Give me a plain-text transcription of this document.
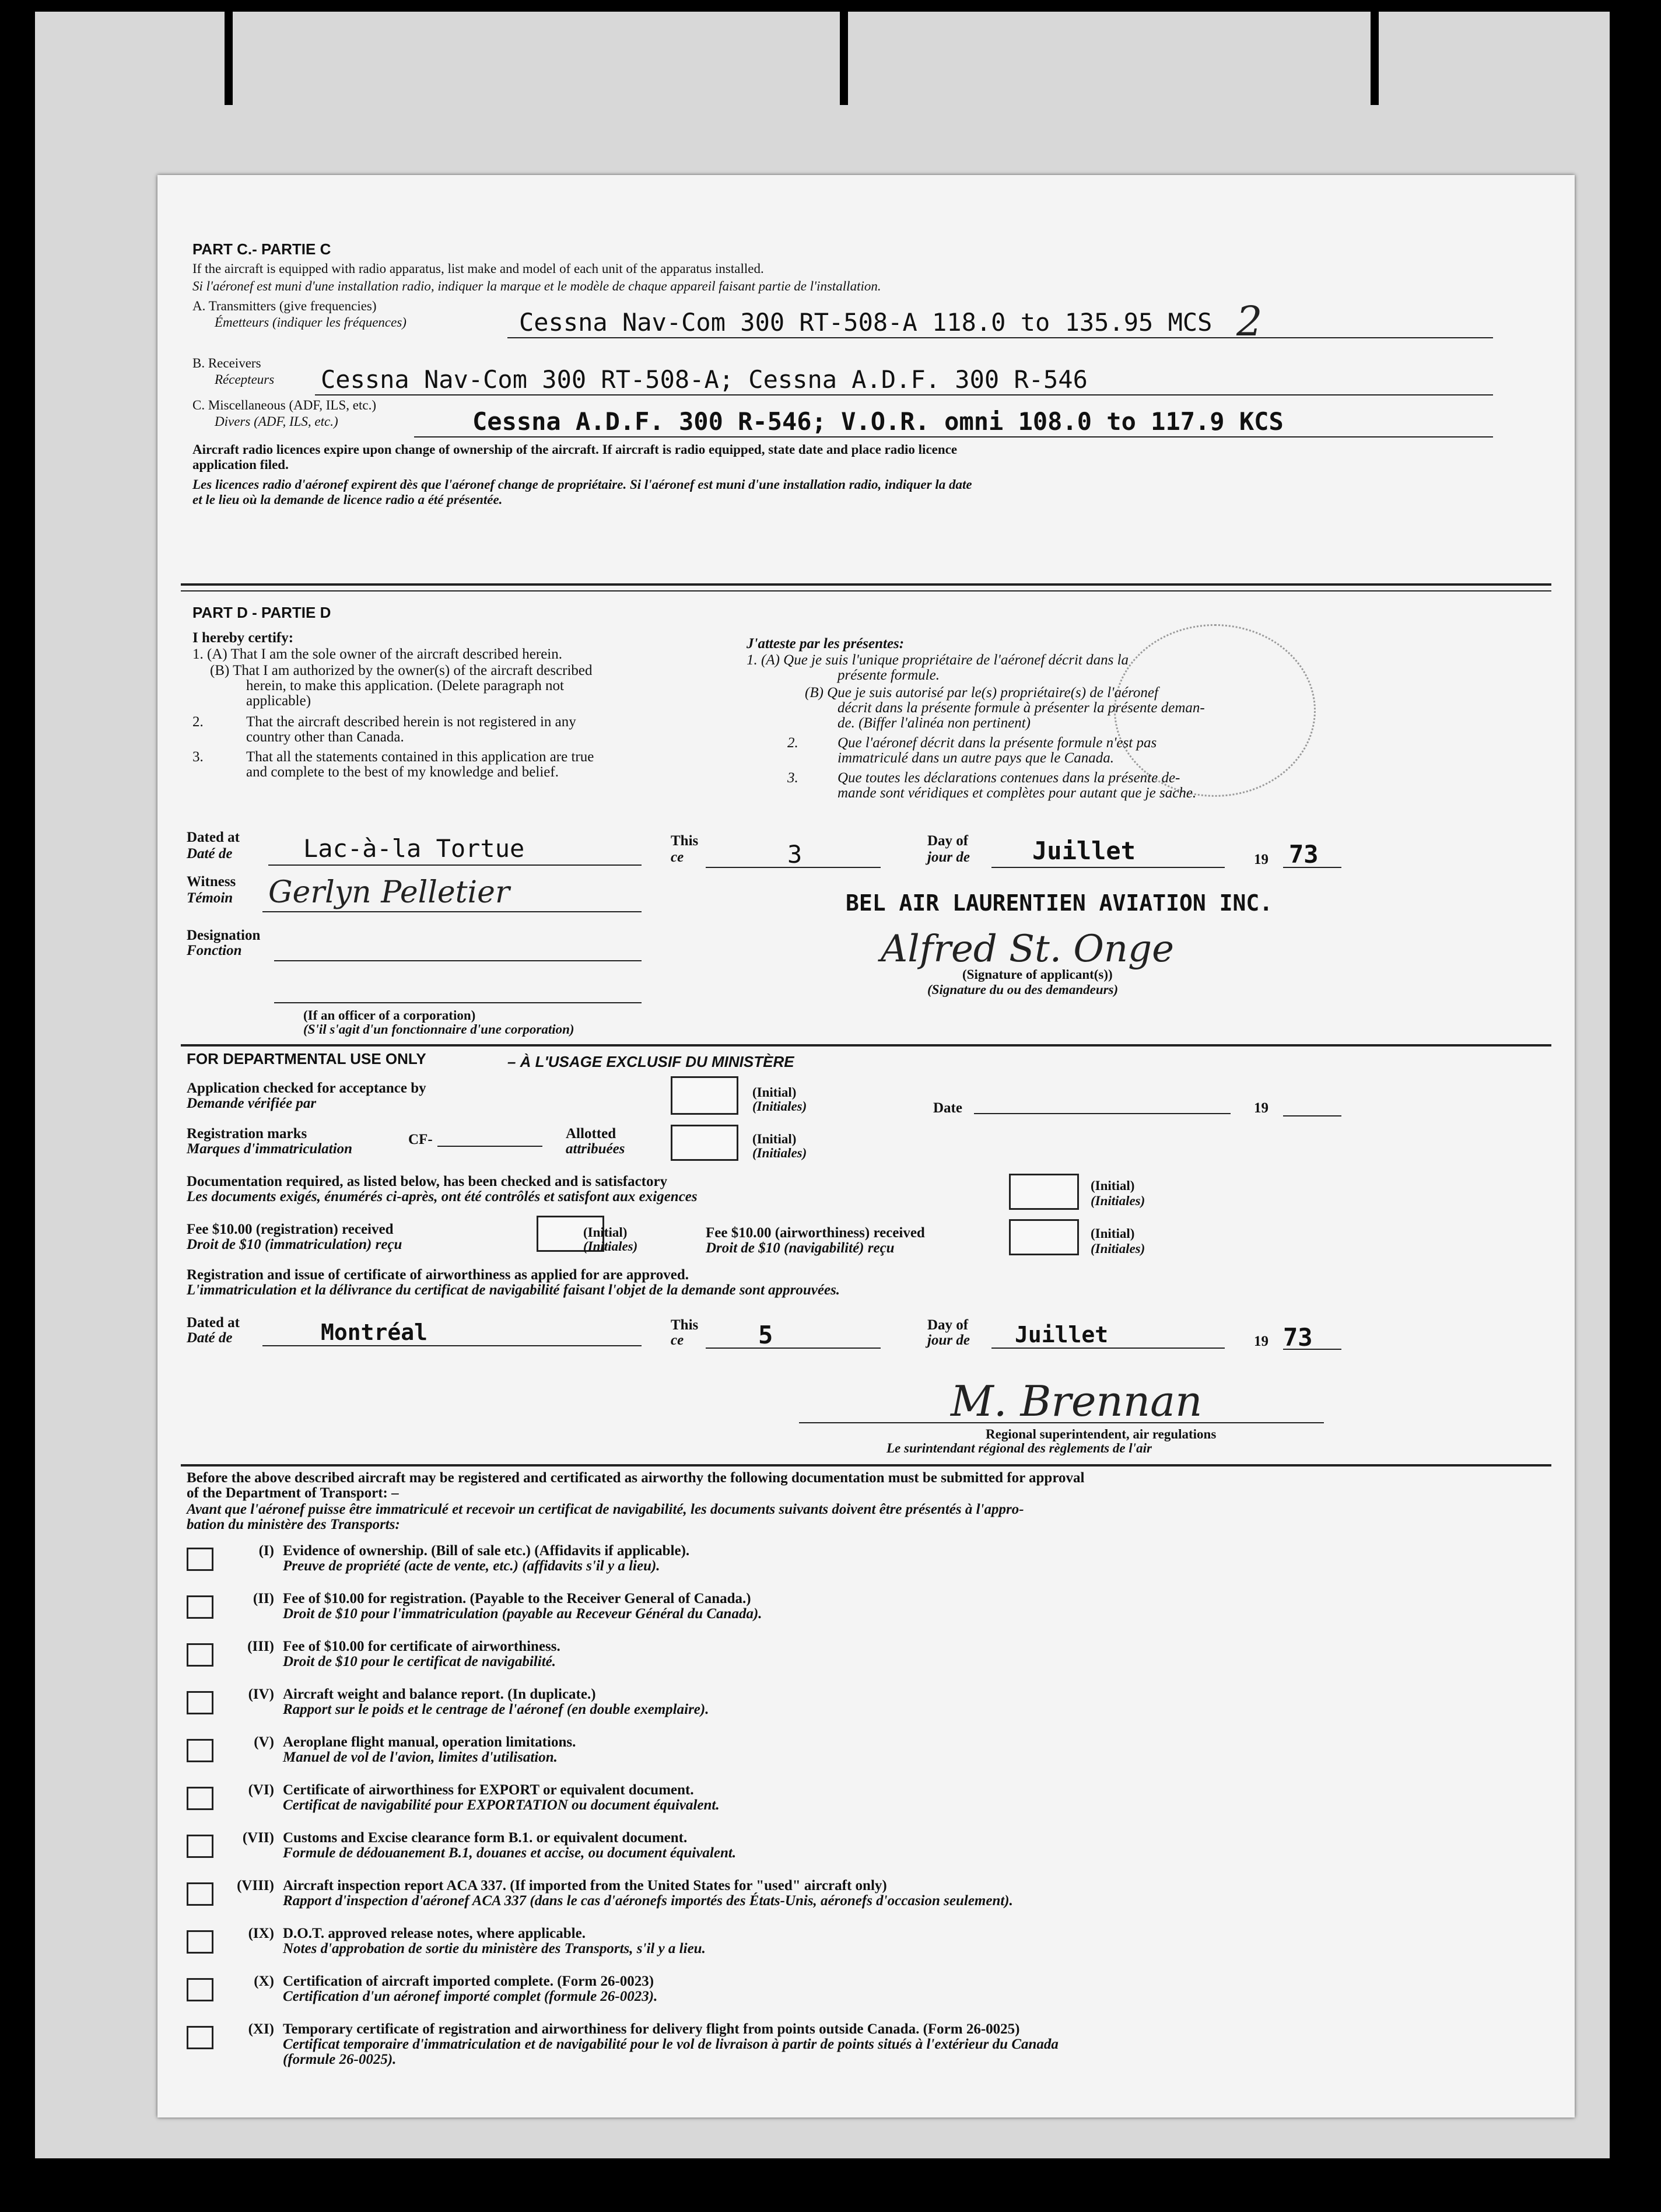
PART C.- PARTIE C
If the aircraft is equipped with radio apparatus, list make and model of each unit of the apparatus installed.
Si l'aéronef est muni d'une installation radio, indiquer la marque et le modèle de chaque appareil faisant partie de l'installation.
2
A. Transmitters (give frequencies)
Émetteurs (indiquer les fréquences)	Cessna Nav-Com 300 RT-508-A 118.0 to 135.95 MCS
B. Receivers
Récepteurs Cessna Nav-Com 300 RT-508-A; Cessna A.D.F. 300 R-546
C. Miscellaneous (ADF, ILS, etc.)
Divers (ADF, ILS, etc.)	Cessna A.D.F. 300 R-546; V.O.R. omni 108.0 to 117.9 KCS
Aircraft radio licences expire upon change of ownership of the aircraft. If aircraft is radio equipped, state date and place radio licence
application filed.
Les licences radio d'aéronef expirent dès que l'aéronef change de propriétaire. Si l'aéronef est muni d'une installation radio, indiquer la date
et le lieu où la demande de licence radio a été présentée.
PART D - PARTIE D
I hereby certify:
1. (A) That I am the sole owner of the aircraft described herein.
(B) That I am authorized by the owner(s) of the aircraft described
herein, to make this application. (Delete paragraph not
applicable)
2.	That the aircraft described herein is not registered in any
country other than Canada.
3.	That all the statements contained in this application are true
and complete to the best of my knowledge and belief.
J'atteste par les présentes:
1. (A) Que je suis l'unique propriétaire de l'aéronef décrit dans la
présente formule.
(B) Que je suis autorisé par le(s) propriétaire(s) de l'aéronef
décrit dans la présente formule à présenter la présente deman-
de. (Biffer l'alinéa non pertinent)
2.	Que l'aéronef décrit dans la présente formule n'est pas
immatriculé dans un autre pays que le Canada.
3.	Que toutes les déclarations contenues dans la présente de-
mande sont véridiques et complètes pour autant que je sache.
Dated at
Daté de	Lac-à-la Tortue	This
ce	3	Day of
jour de	Juillet	19 73
Witness
Témoin Gerlyn Pelletier	BEL AIR LAURENTIEN AVIATION INC.
Designation
Fonction	Alfred St. Onge
(Signature of applicant(s))
(Signature du ou des demandeurs)
(If an officer of a corporation)
(S'il s'agit d'un fonctionnaire d'une corporation)
FOR DEPARTMENTAL USE ONLY	– À L'USAGE EXCLUSIF DU MINISTÈRE
Application checked for acceptance by
Demande vérifiée par
(Initial)
(Initiales)	Date	19
Registration marks
Marques d'immatriculation
CF-	Allotted
attribuées
(Initial)
(Initiales)
Documentation required, as listed below, has been checked and is satisfactory
Les documents exigés, énumérés ci-après, ont été contrôlés et satisfont aux exigences
(Initial)
(Initiales)
Fee $10.00 (registration) received
Droit de $10 (immatriculation) reçu
(Initial)
(Initiales)
Fee $10.00 (airworthiness) received
Droit de $10 (navigabilité) reçu
(Initial)
(Initiales)
Registration and issue of certificate of airworthiness as applied for are approved.
L'immatriculation et la délivrance du certificat de navigabilité faisant l'objet de la demande sont approuvées.
Dated at
Daté de	Montréal	This
ce	5	Day of
jour de Juillet	19 73
M. Brennan
Regional superintendent, air regulations
Le surintendant régional des règlements de l'air
Before the above described aircraft may be registered and certificated as airworthy the following documentation must be submitted for approval
of the Department of Transport: –
Avant que l'aéronef puisse être immatriculé et recevoir un certificat de navigabilité, les documents suivants doivent être présentés à l'appro-
bation du ministère des Transports:
(I) Evidence of ownership. (Bill of sale etc.) (Affidavits if applicable).
Preuve de propriété (acte de vente, etc.) (affidavits s'il y a lieu).
(II) Fee of $10.00 for registration. (Payable to the Receiver General of Canada.)
Droit de $10 pour l'immatriculation (payable au Receveur Général du Canada).
(III) Fee of $10.00 for certificate of airworthiness.
Droit de $10 pour le certificat de navigabilité.
(IV) Aircraft weight and balance report. (In duplicate.)
Rapport sur le poids et le centrage de l'aéronef (en double exemplaire).
(V) Aeroplane flight manual, operation limitations.
Manuel de vol de l'avion, limites d'utilisation.
(VI) Certificate of airworthiness for EXPORT or equivalent document.
Certificat de navigabilité pour EXPORTATION ou document équivalent.
(VII) Customs and Excise clearance form B.1. or equivalent document.
Formule de dédouanement B.1, douanes et accise, ou document équivalent.
(VIII) Aircraft inspection report ACA 337. (If imported from the United States for "used" aircraft only)
Rapport d'inspection d'aéronef ACA 337 (dans le cas d'aéronefs importés des États-Unis, aéronefs d'occasion seulement).
(IX) D.O.T. approved release notes, where applicable.
Notes d'approbation de sortie du ministère des Transports, s'il y a lieu.
(X) Certification of aircraft imported complete. (Form 26-0023)
Certification d'un aéronef importé complet (formule 26-0023).
(XI) Temporary certificate of registration and airworthiness for delivery flight from points outside Canada. (Form 26-0025)
Certificat temporaire d'immatriculation et de navigabilité pour le vol de livraison à partir de points situés à l'extérieur du Canada
(formule 26-0025).
